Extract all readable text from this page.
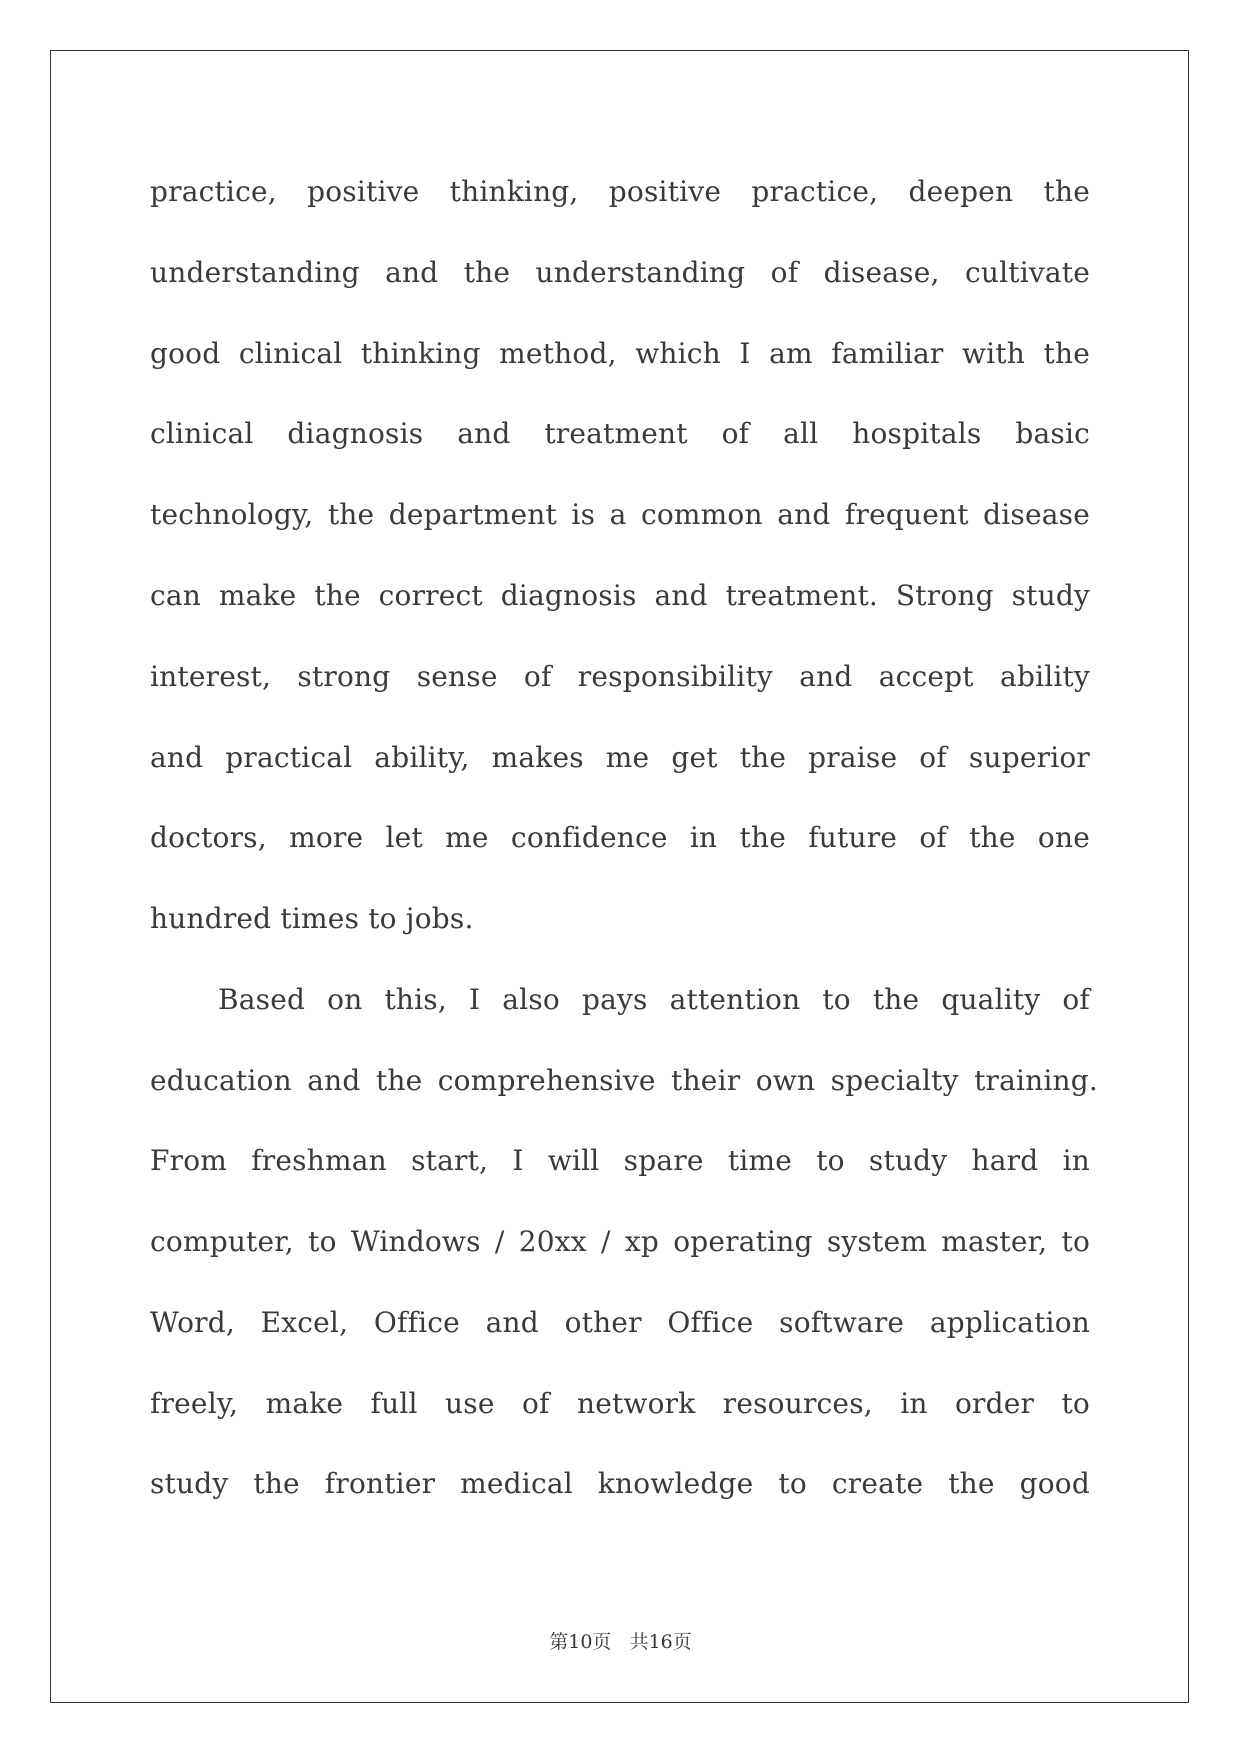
practice, positive thinking, positive practice, deepen the
understanding and the understanding of disease, cultivate
good clinical thinking method, which I am familiar with the
clinical diagnosis and treatment of all hospitals basic
technology, the department is a common and frequent disease
can make the correct diagnosis and treatment. Strong study
interest, strong sense of responsibility and accept ability
and practical ability, makes me get the praise of superior
doctors, more let me confidence in the future of the one
hundred times to jobs.
Based on this, I also pays attention to the quality of
education and the comprehensive their own specialty training.
From freshman start, I will spare time to study hard in
computer, to Windows / 20xx / xp operating system master, to
Word, Excel, Office and other Office software application
freely, make full use of network resources, in order to
study the frontier medical knowledge to create the good
第10页 共16页
